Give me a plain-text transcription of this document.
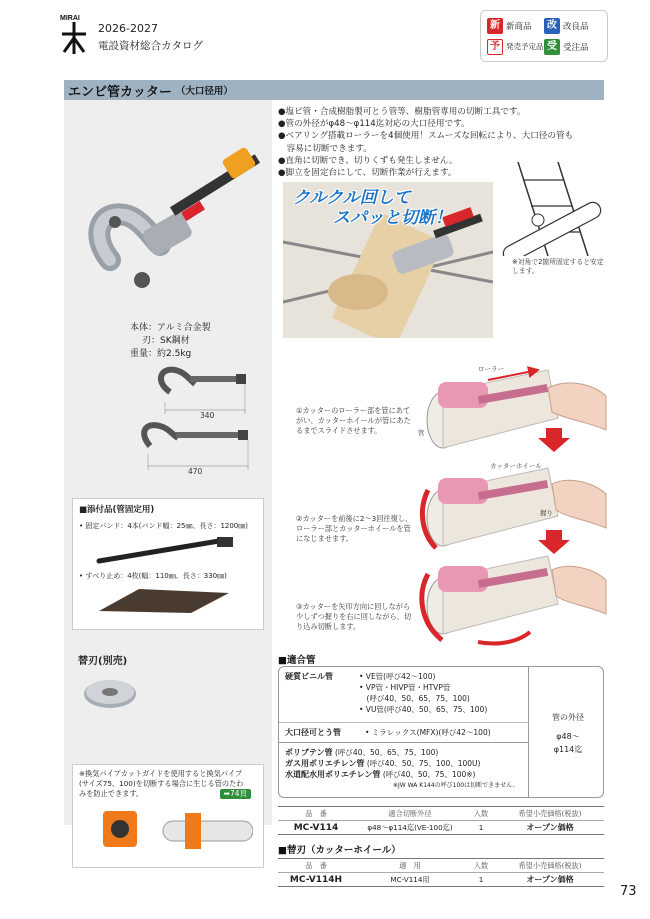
MIRAI
2026-2027
電設資材総合カタログ
新 新商品	改 改良品
予 発売予定品 受 受注品
エンビ管カッター （大口径用）
本体：アルミ合金製
刃：SK鋼材
重量：約2.5kg
340
470
■添付品(管固定用)
• 固定バンド：4本(バンド幅：25㎜、長さ：1200㎜)
• すべり止め：4枚(幅：110㎜、長さ：330㎜)
替刃(別売)
※換気パイプカットガイドを使用すると換気パイプ(サイズ75、100)を切断する場合に生じる管のたわみを防止できます。	➡74頁
●塩ビ管・合成樹脂製可とう管等、樹脂管専用の切断工具です。
●管の外径がφ48～φ114迄対応の大口径用です。
●ベアリング搭載ローラーを4個使用！スムーズな回転により、大口径の管も
　容易に切断できます。
●直角に切断でき、切りくずも発生しません。
●脚立を固定台にして、切断作業が行えます。
クルクル回して
スパッと切断！
※対角で2箇所固定すると安定します。
ローラー
管
カッターホイール
握り
①カッターのローラー部を管にあてがい、カッターホイールが管にあたるまでスライドさせます。
②カッターを前後に2～3回往復し、ローラー部とカッターホイールを管になじませます。
③カッターを矢印方向に回しながら少しずつ握りを右に回しながら、切り込み切断します。
■適合管
硬質ビニル管	• VE管(呼び42～100)
• VP管・HIVP管・HTVP管
　(呼び40、50、65、75、100)
• VU管(呼び40、50、65、75、100)
大口径可とう管	• ミラレックス(MFX)(呼び42～100)
ポリブテン管 (呼び40、50、65、75、100)
ガス用ポリエチレン管 (呼び40、50、75、100、100U)
水道配水用ポリエチレン管 (呼び40、50、75、100※)
※JW WA K144の呼び100は切断できません。
管の外径
φ48～
φ114迄
品　番	適合切断外径	入数	希望小売価格(税抜)
MC-V114	φ48～φ114迄(VE-100迄)	1	オープン価格
■替刃（カッターホイール）
品　番	適　用	入数	希望小売価格(税抜)
MC-V114H	MC-V114用	1	オープン価格
73
